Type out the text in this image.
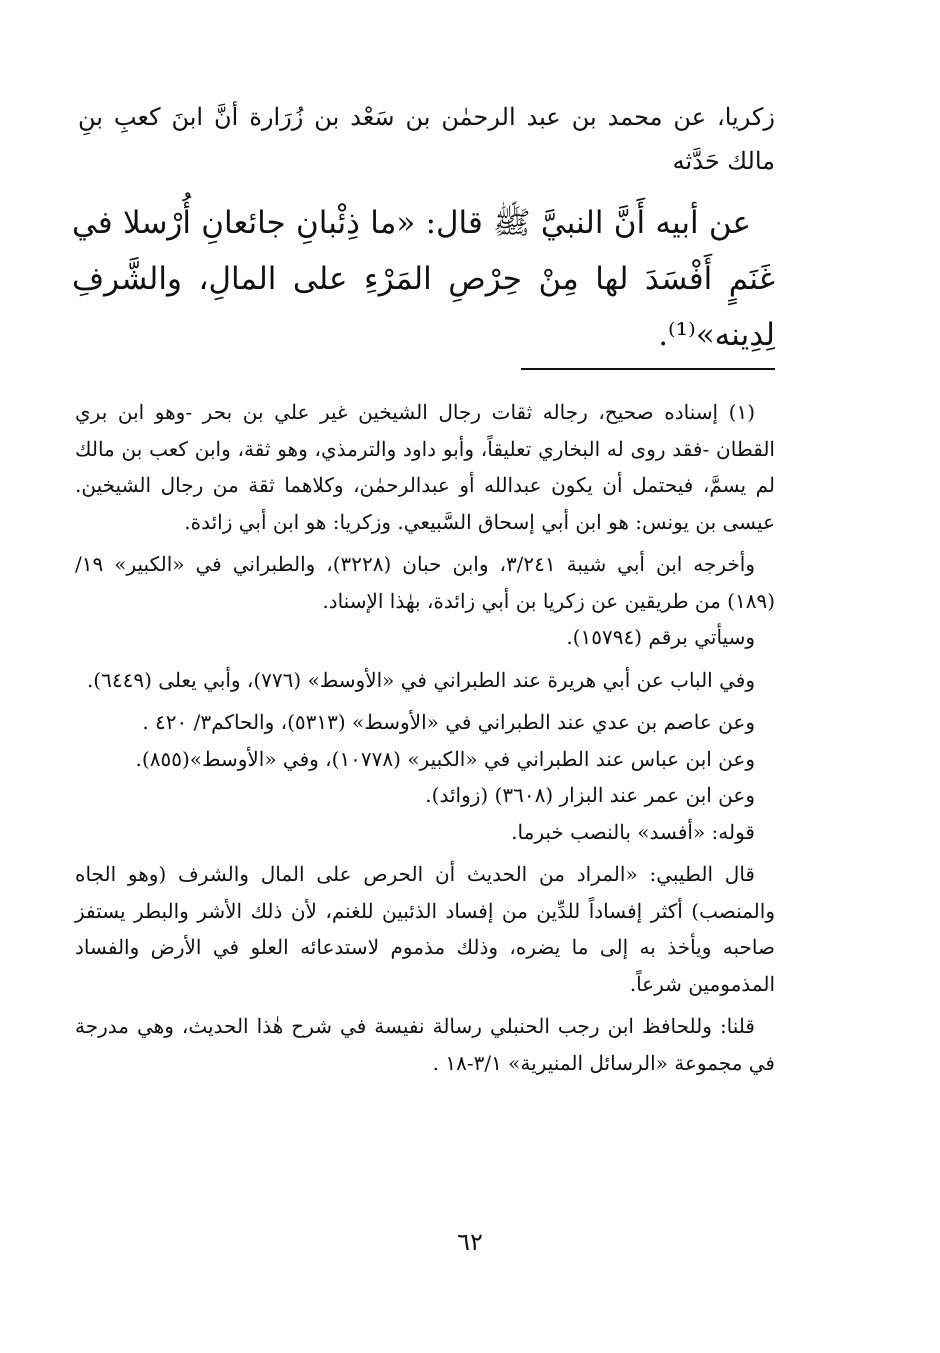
زكريا، عن محمد بن عبد الرحمٰن بن سَعْد بن زُرَارة أنَّ ابنَ كعبِ بنِ مالك حَدَّثه

عن أبيه أَنَّ النبيَّ ﷺ قال: «ما ذِئْبانِ جائعانِ أُرْسلا في غَنَمٍ أَفْسَدَ لها مِنْ حِرْصِ المَرْءِ على المالِ، والشَّرفِ لِدِينه»⁽¹⁾.

(١) إسناده صحيح، رجاله ثقات رجال الشيخين غير علي بن بحر -وهو ابن بري القطان -فقد روى له البخاري تعليقاً، وأبو داود والترمذي، وهو ثقة، وابن كعب بن مالك لم يسمَّ، فيحتمل أن يكون عبدالله أو عبدالرحمٰن، وكلاهما ثقة من رجال الشيخين. عيسى بن يونس: هو ابن أبي إسحاق السَّبيعي. وزكريا: هو ابن أبي زائدة.

وأخرجه ابن أبي شيبة ٣/٢٤١، وابن حبان (٣٢٢٨)، والطبراني في «الكبير» ١٩/ (١٨٩) من طريقين عن زكريا بن أبي زائدة، بهٰذا الإسناد.

وسيأتي برقم (١٥٧٩٤).

وفي الباب عن أبي هريرة عند الطبراني في «الأوسط» (٧٧٦)، وأبي يعلى (٦٤٤٩).

وعن عاصم بن عدي عند الطبراني في «الأوسط» (٥٣١٣)، والحاكم٣/ ٤٢٠ .

وعن ابن عباس عند الطبراني في «الكبير» (١٠٧٧٨)، وفي «الأوسط»(٨٥٥).

وعن ابن عمر عند البزار (٣٦٠٨) (زوائد).

قوله: «أفسد» بالنصب خبرما.

قال الطيبي: «المراد من الحديث أن الحرص على المال والشرف (وهو الجاه والمنصب) أكثر إفساداً للدِّين من إفساد الذئبين للغنم، لأن ذلك الأشر والبطر يستفز صاحبه ويأخذ به إلى ما يضره، وذلك مذموم لاستدعائه العلو في الأرض والفساد المذمومين شرعاً.

قلنا: وللحافظ ابن رجب الحنبلي رسالة نفيسة في شرح هٰذا الحديث، وهي مدرجة في مجموعة «الرسائل المنيرية» ٣/١-١٨ .

٦٢
